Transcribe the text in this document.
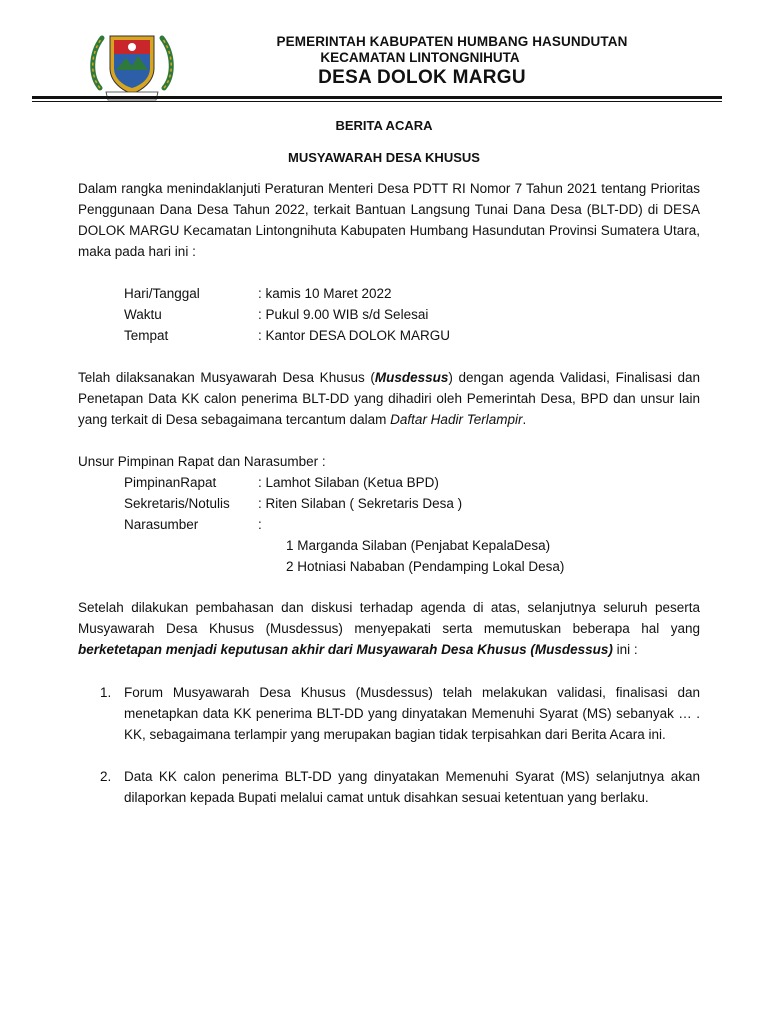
PEMERINTAH KABUPATEN HUMBANG HASUNDUTAN
KECAMATAN LINTONGNIHUTA
DESA DOLOK MARGU
BERITA ACARA
MUSYAWARAH DESA KHUSUS
Dalam rangka menindaklanjuti Peraturan Menteri Desa PDTT RI Nomor 7 Tahun 2021 tentang Prioritas Penggunaan Dana Desa Tahun 2022, terkait Bantuan Langsung Tunai Dana Desa (BLT-DD) di DESA DOLOK MARGU Kecamatan Lintongnihuta Kabupaten Humbang Hasundutan Provinsi Sumatera Utara, maka pada hari ini :
Hari/Tanggal	: kamis 10 Maret 2022
Waktu	: Pukul 9.00 WIB s/d Selesai
Tempat	: Kantor DESA DOLOK MARGU
Telah dilaksanakan Musyawarah Desa Khusus (Musdessus) dengan agenda Validasi, Finalisasi dan Penetapan Data KK calon penerima BLT-DD yang dihadiri oleh Pemerintah Desa, BPD dan unsur lain yang terkait di Desa sebagaimana tercantum dalam Daftar Hadir Terlampir.
Unsur Pimpinan Rapat dan Narasumber :
PimpinanRapat	: Lamhot Silaban (Ketua BPD)
Sekretaris/Notulis : Riten Silaban ( Sekretaris Desa )
Narasumber	:
1 Marganda Silaban (Penjabat KepalaDesa)
2 Hotniasi Nababan (Pendamping Lokal Desa)
Setelah dilakukan pembahasan dan diskusi terhadap agenda di atas, selanjutnya seluruh peserta Musyawarah Desa Khusus (Musdessus) menyepakati serta memutuskan beberapa hal yang berketetapan menjadi keputusan akhir dari Musyawarah Desa Khusus (Musdessus) ini :
1. Forum Musyawarah Desa Khusus (Musdessus) telah melakukan validasi, finalisasi dan menetapkan data KK penerima BLT-DD yang dinyatakan Memenuhi Syarat (MS) sebanyak … . KK, sebagaimana terlampir yang merupakan bagian tidak terpisahkan dari Berita Acara ini.
2. Data KK calon penerima BLT-DD yang dinyatakan Memenuhi Syarat (MS) selanjutnya akan dilaporkan kepada Bupati melalui camat untuk disahkan sesuai ketentuan yang berlaku.
